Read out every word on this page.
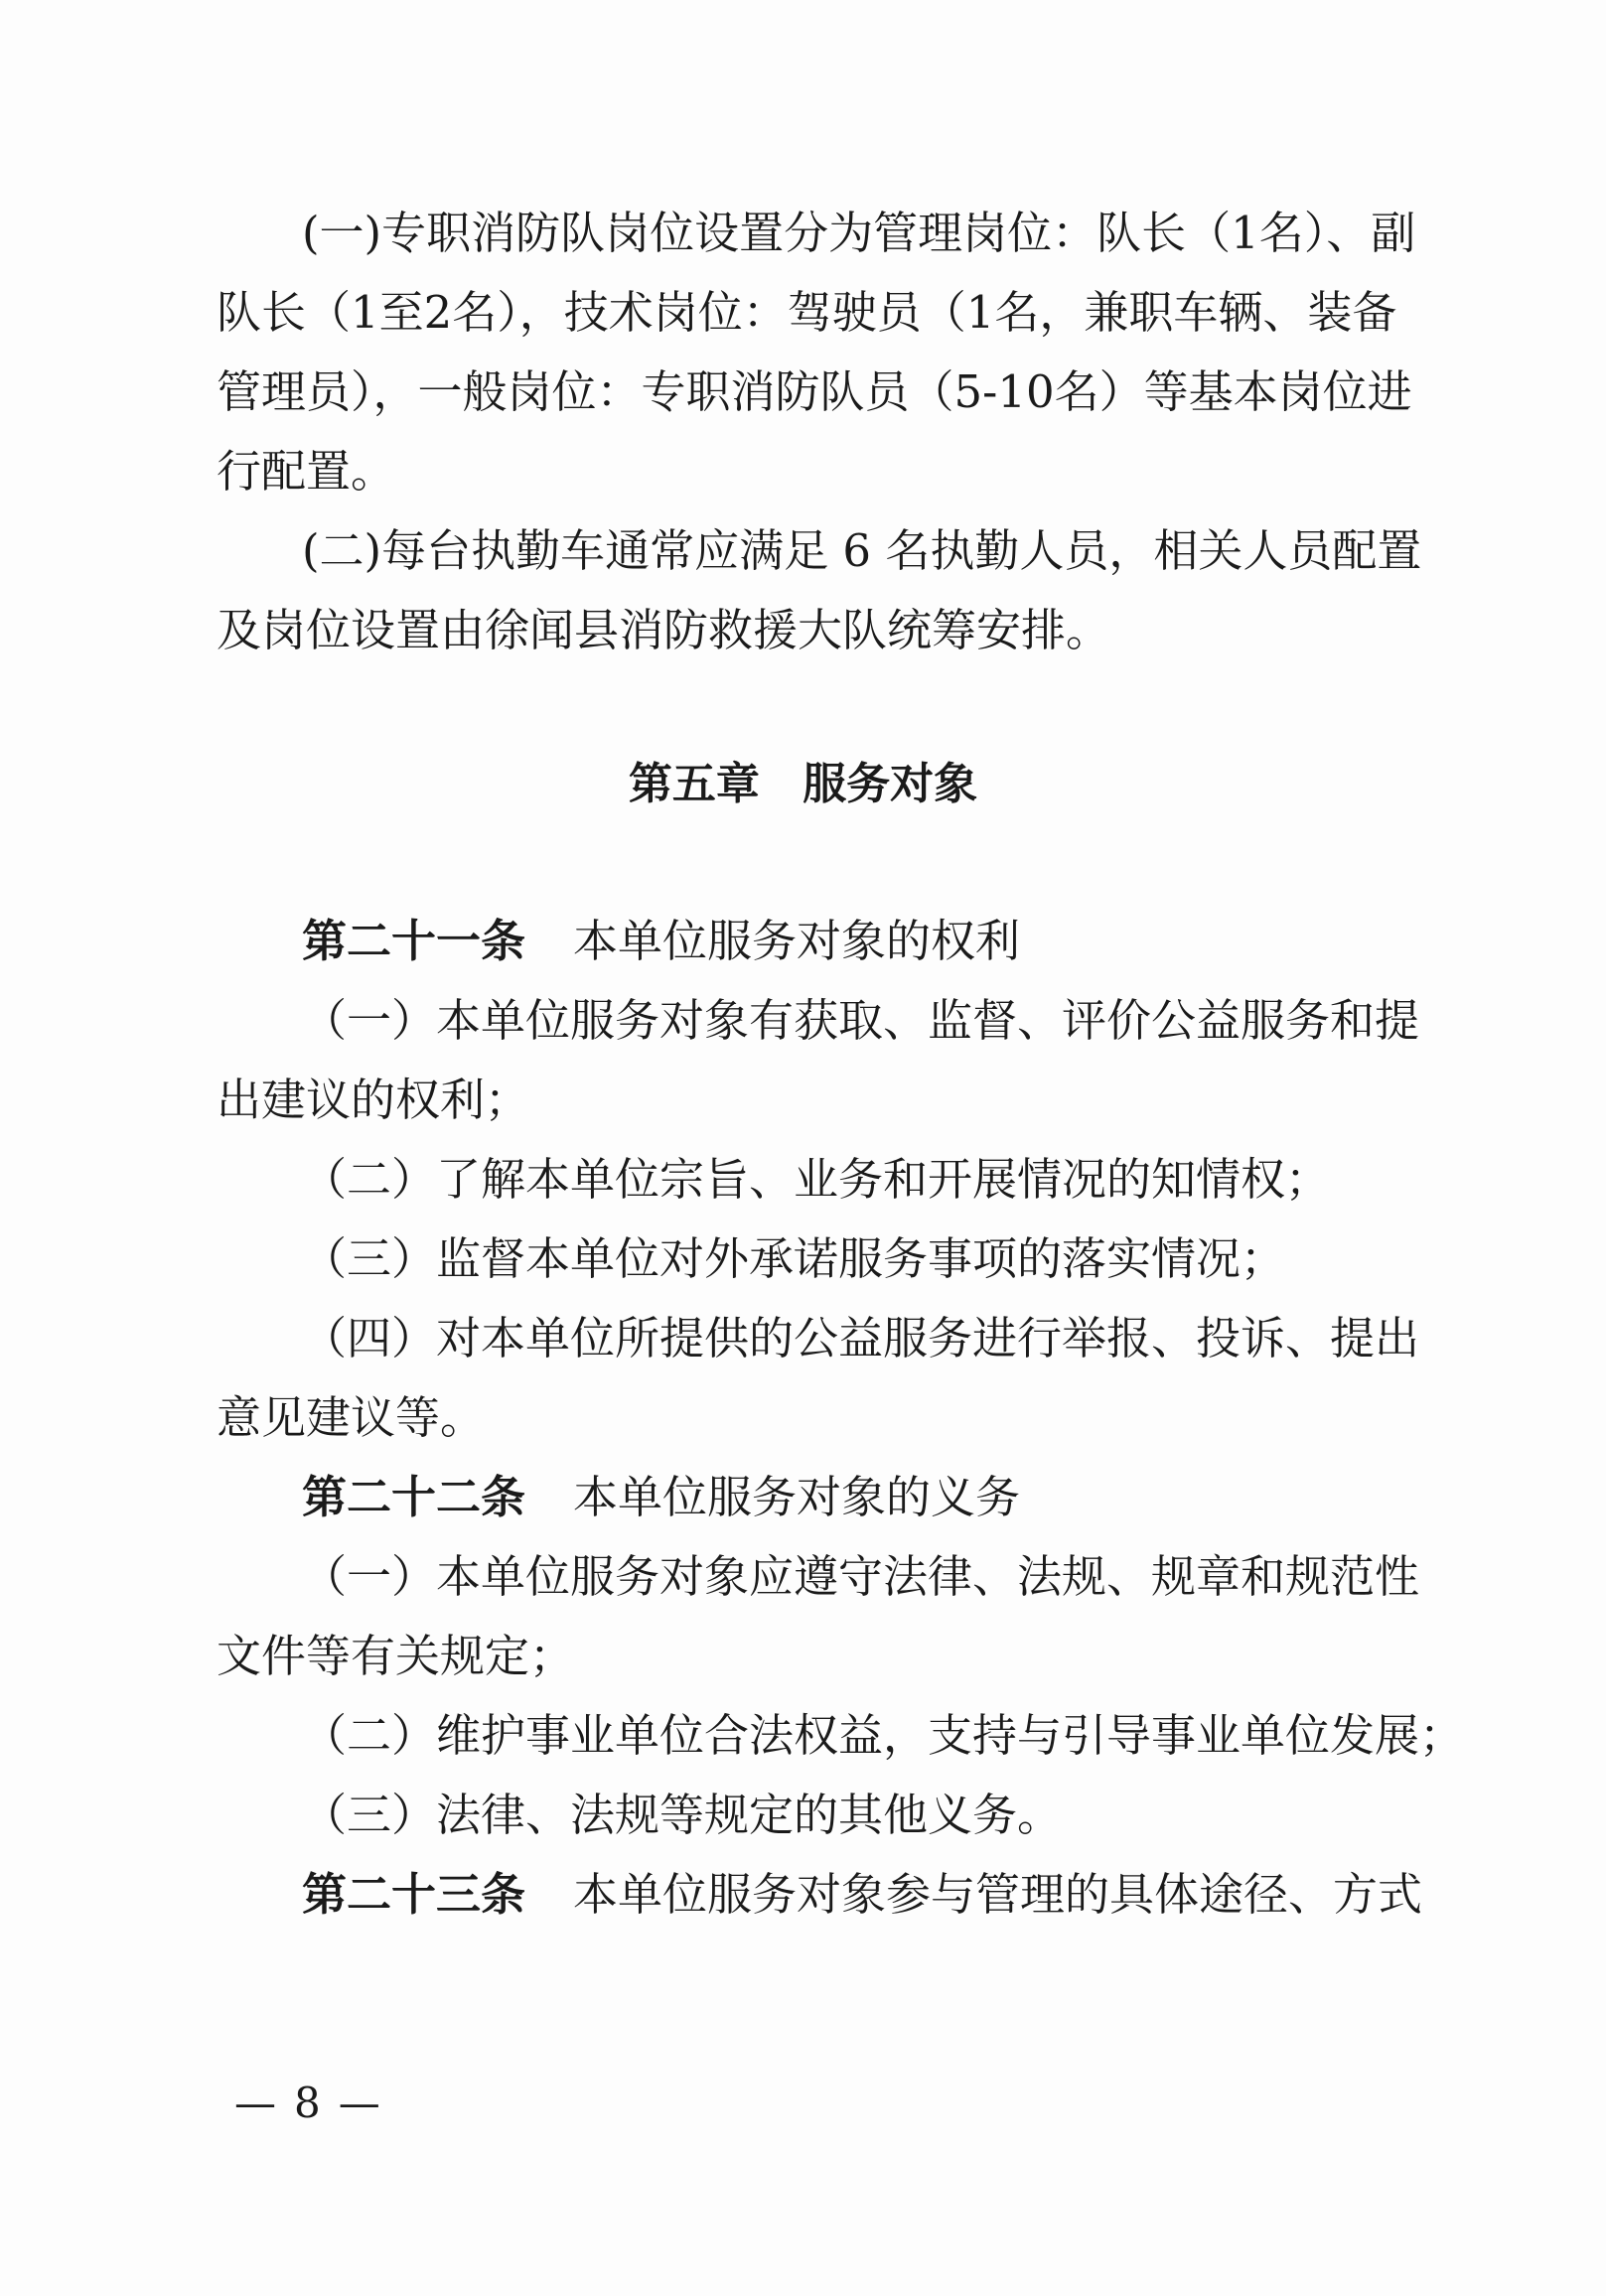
(一)专职消防队岗位设置分为管理岗位：队长（1名）、副
队长（1至2名），技术岗位：驾驶员（1名，兼职车辆、装备
管理员），一般岗位：专职消防队员（5-10名）等基本岗位进
行配置。
(二)每台执勤车通常应满足 6 名执勤人员，相关人员配置
及岗位设置由徐闻县消防救援大队统筹安排。
第五章 服务对象
第二十一条 本单位服务对象的权利
（一）本单位服务对象有获取、监督、评价公益服务和提
出建议的权利；
（二）了解本单位宗旨、业务和开展情况的知情权；
（三）监督本单位对外承诺服务事项的落实情况；
（四）对本单位所提供的公益服务进行举报、投诉、提出
意见建议等。
第二十二条 本单位服务对象的义务
（一）本单位服务对象应遵守法律、法规、规章和规范性
文件等有关规定；
（二）维护事业单位合法权益，支持与引导事业单位发展；
（三）法律、法规等规定的其他义务。
第二十三条 本单位服务对象参与管理的具体途径、方式
— 8 —
